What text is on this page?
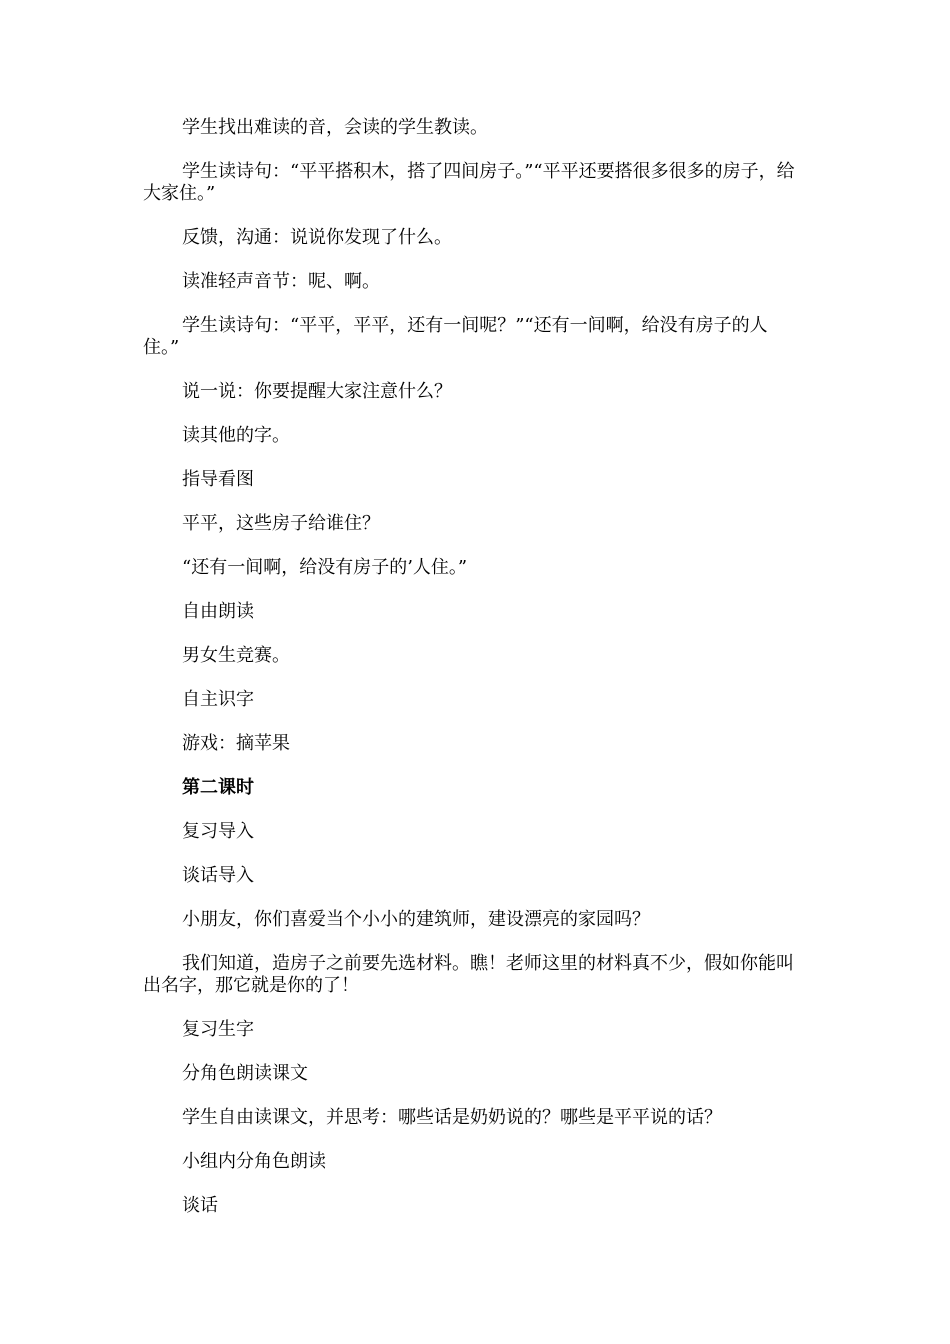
学生找出难读的音，会读的学生教读。

学生读诗句：“平平搭积木，搭了四间房子。”“平平还要搭很多很多的房子，给大家住。”

反馈，沟通：说说你发现了什么。

读准轻声音节：呢、啊。

学生读诗句：“平平，平平，还有一间呢？”“还有一间啊，给没有房子的人住。”

说一说：你要提醒大家注意什么？

读其他的字。

指导看图

平平，这些房子给谁住？

“还有一间啊，给没有房子的’人住。”

自由朗读

男女生竞赛。

自主识字

游戏：摘苹果

第二课时

复习导入

谈话导入

小朋友，你们喜爱当个小小的建筑师，建设漂亮的家园吗？

我们知道，造房子之前要先选材料。瞧！老师这里的材料真不少，假如你能叫出名字，那它就是你的了！

复习生字

分角色朗读课文

学生自由读课文，并思考：哪些话是奶奶说的？哪些是平平说的话？

小组内分角色朗读

谈话
